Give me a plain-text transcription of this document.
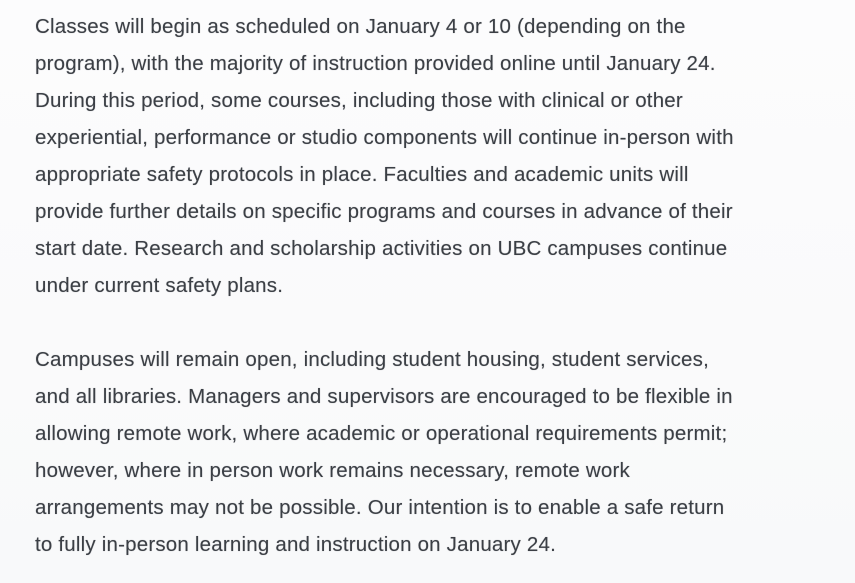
Classes will begin as scheduled on January 4 or 10 (depending on the
program), with the majority of instruction provided online until January 24.
During this period, some courses, including those with clinical or other
experiential, performance or studio components will continue in-person with
appropriate safety protocols in place. Faculties and academic units will
provide further details on specific programs and courses in advance of their
start date. Research and scholarship activities on UBC campuses continue
under current safety plans.
Campuses will remain open, including student housing, student services,
and all libraries. Managers and supervisors are encouraged to be flexible in
allowing remote work, where academic or operational requirements permit;
however, where in person work remains necessary, remote work
arrangements may not be possible. Our intention is to enable a safe return
to fully in-person learning and instruction on January 24.
